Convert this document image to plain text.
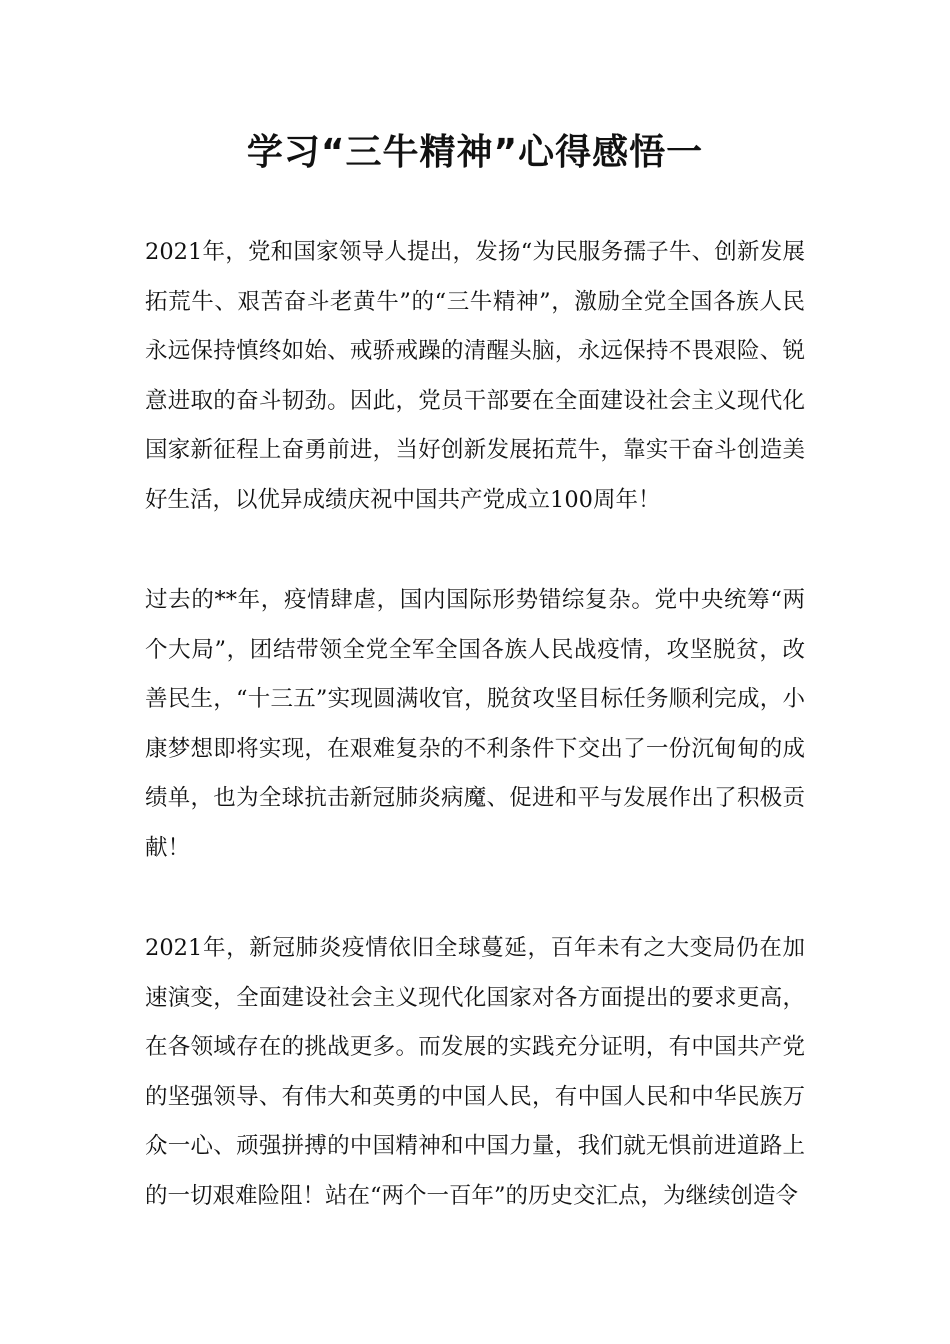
学习“三牛精神”心得感悟一

2021年，党和国家领导人提出，发扬“为民服务孺子牛、创新发展拓荒牛、艰苦奋斗老黄牛”的“三牛精神”，激励全党全国各族人民永远保持慎终如始、戒骄戒躁的清醒头脑，永远保持不畏艰险、锐意进取的奋斗韧劲。因此，党员干部要在全面建设社会主义现代化国家新征程上奋勇前进，当好创新发展拓荒牛，靠实干奋斗创造美好生活，以优异成绩庆祝中国共产党成立100周年！

过去的**年，疫情肆虐，国内国际形势错综复杂。党中央统筹“两个大局”，团结带领全党全军全国各族人民战疫情，攻坚脱贫，改善民生，“十三五”实现圆满收官，脱贫攻坚目标任务顺利完成，小康梦想即将实现，在艰难复杂的不利条件下交出了一份沉甸甸的成绩单，也为全球抗击新冠肺炎病魔、促进和平与发展作出了积极贡献！

2021年，新冠肺炎疫情依旧全球蔓延，百年未有之大变局仍在加速演变，全面建设社会主义现代化国家对各方面提出的要求更高，在各领域存在的挑战更多。而发展的实践充分证明，有中国共产党的坚强领导、有伟大和英勇的中国人民，有中国人民和中华民族万众一心、顽强拼搏的中国精神和中国力量，我们就无惧前进道路上的一切艰难险阻！站在“两个一百年”的历史交汇点，为继续创造令
